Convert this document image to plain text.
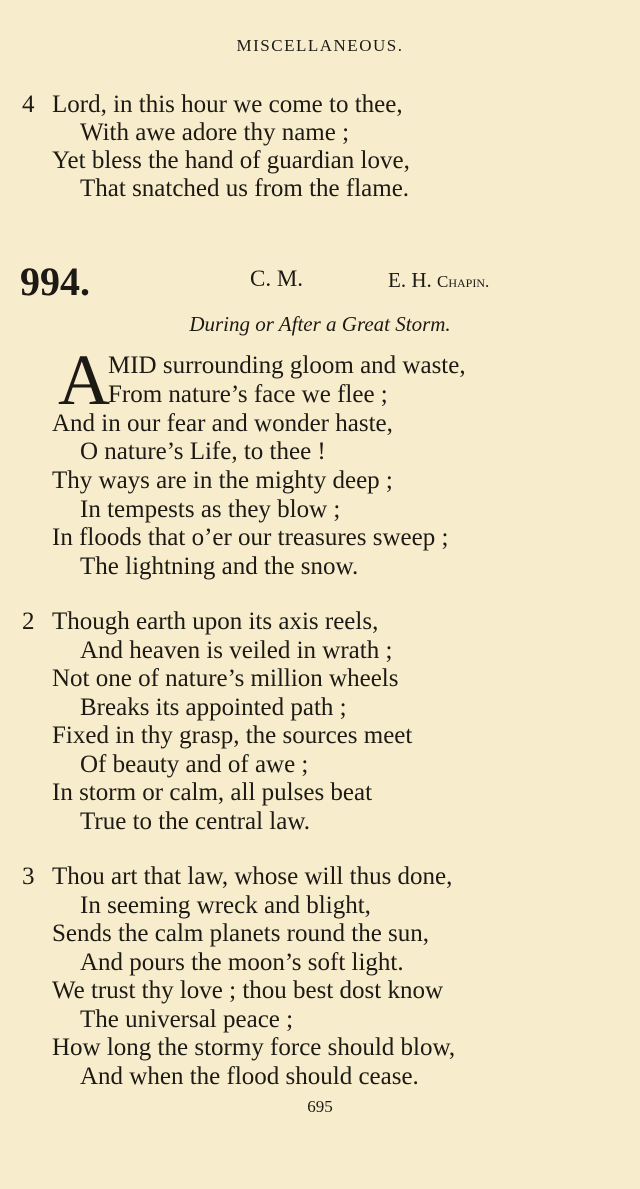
MISCELLANEOUS.
4 Lord, in this hour we come to thee,
With awe adore thy name ;
Yet bless the hand of guardian love,
That snatched us from the flame.
994.	C. M.	E. H. Chapin.
During or After a Great Storm.
A
MID surrounding gloom and waste,
From nature’s face we flee ;
And in our fear and wonder haste,
O nature’s Life, to thee !
Thy ways are in the mighty deep ;
In tempests as they blow ;
In floods that o’er our treasures sweep ;
The lightning and the snow.
2 Though earth upon its axis reels,
And heaven is veiled in wrath ;
Not one of nature’s million wheels
Breaks its appointed path ;
Fixed in thy grasp, the sources meet
Of beauty and of awe ;
In storm or calm, all pulses beat
True to the central law.
3 Thou art that law, whose will thus done,
In seeming wreck and blight,
Sends the calm planets round the sun,
And pours the moon’s soft light.
We trust thy love ; thou best dost know
The universal peace ;
How long the stormy force should blow,
And when the flood should cease.
695
